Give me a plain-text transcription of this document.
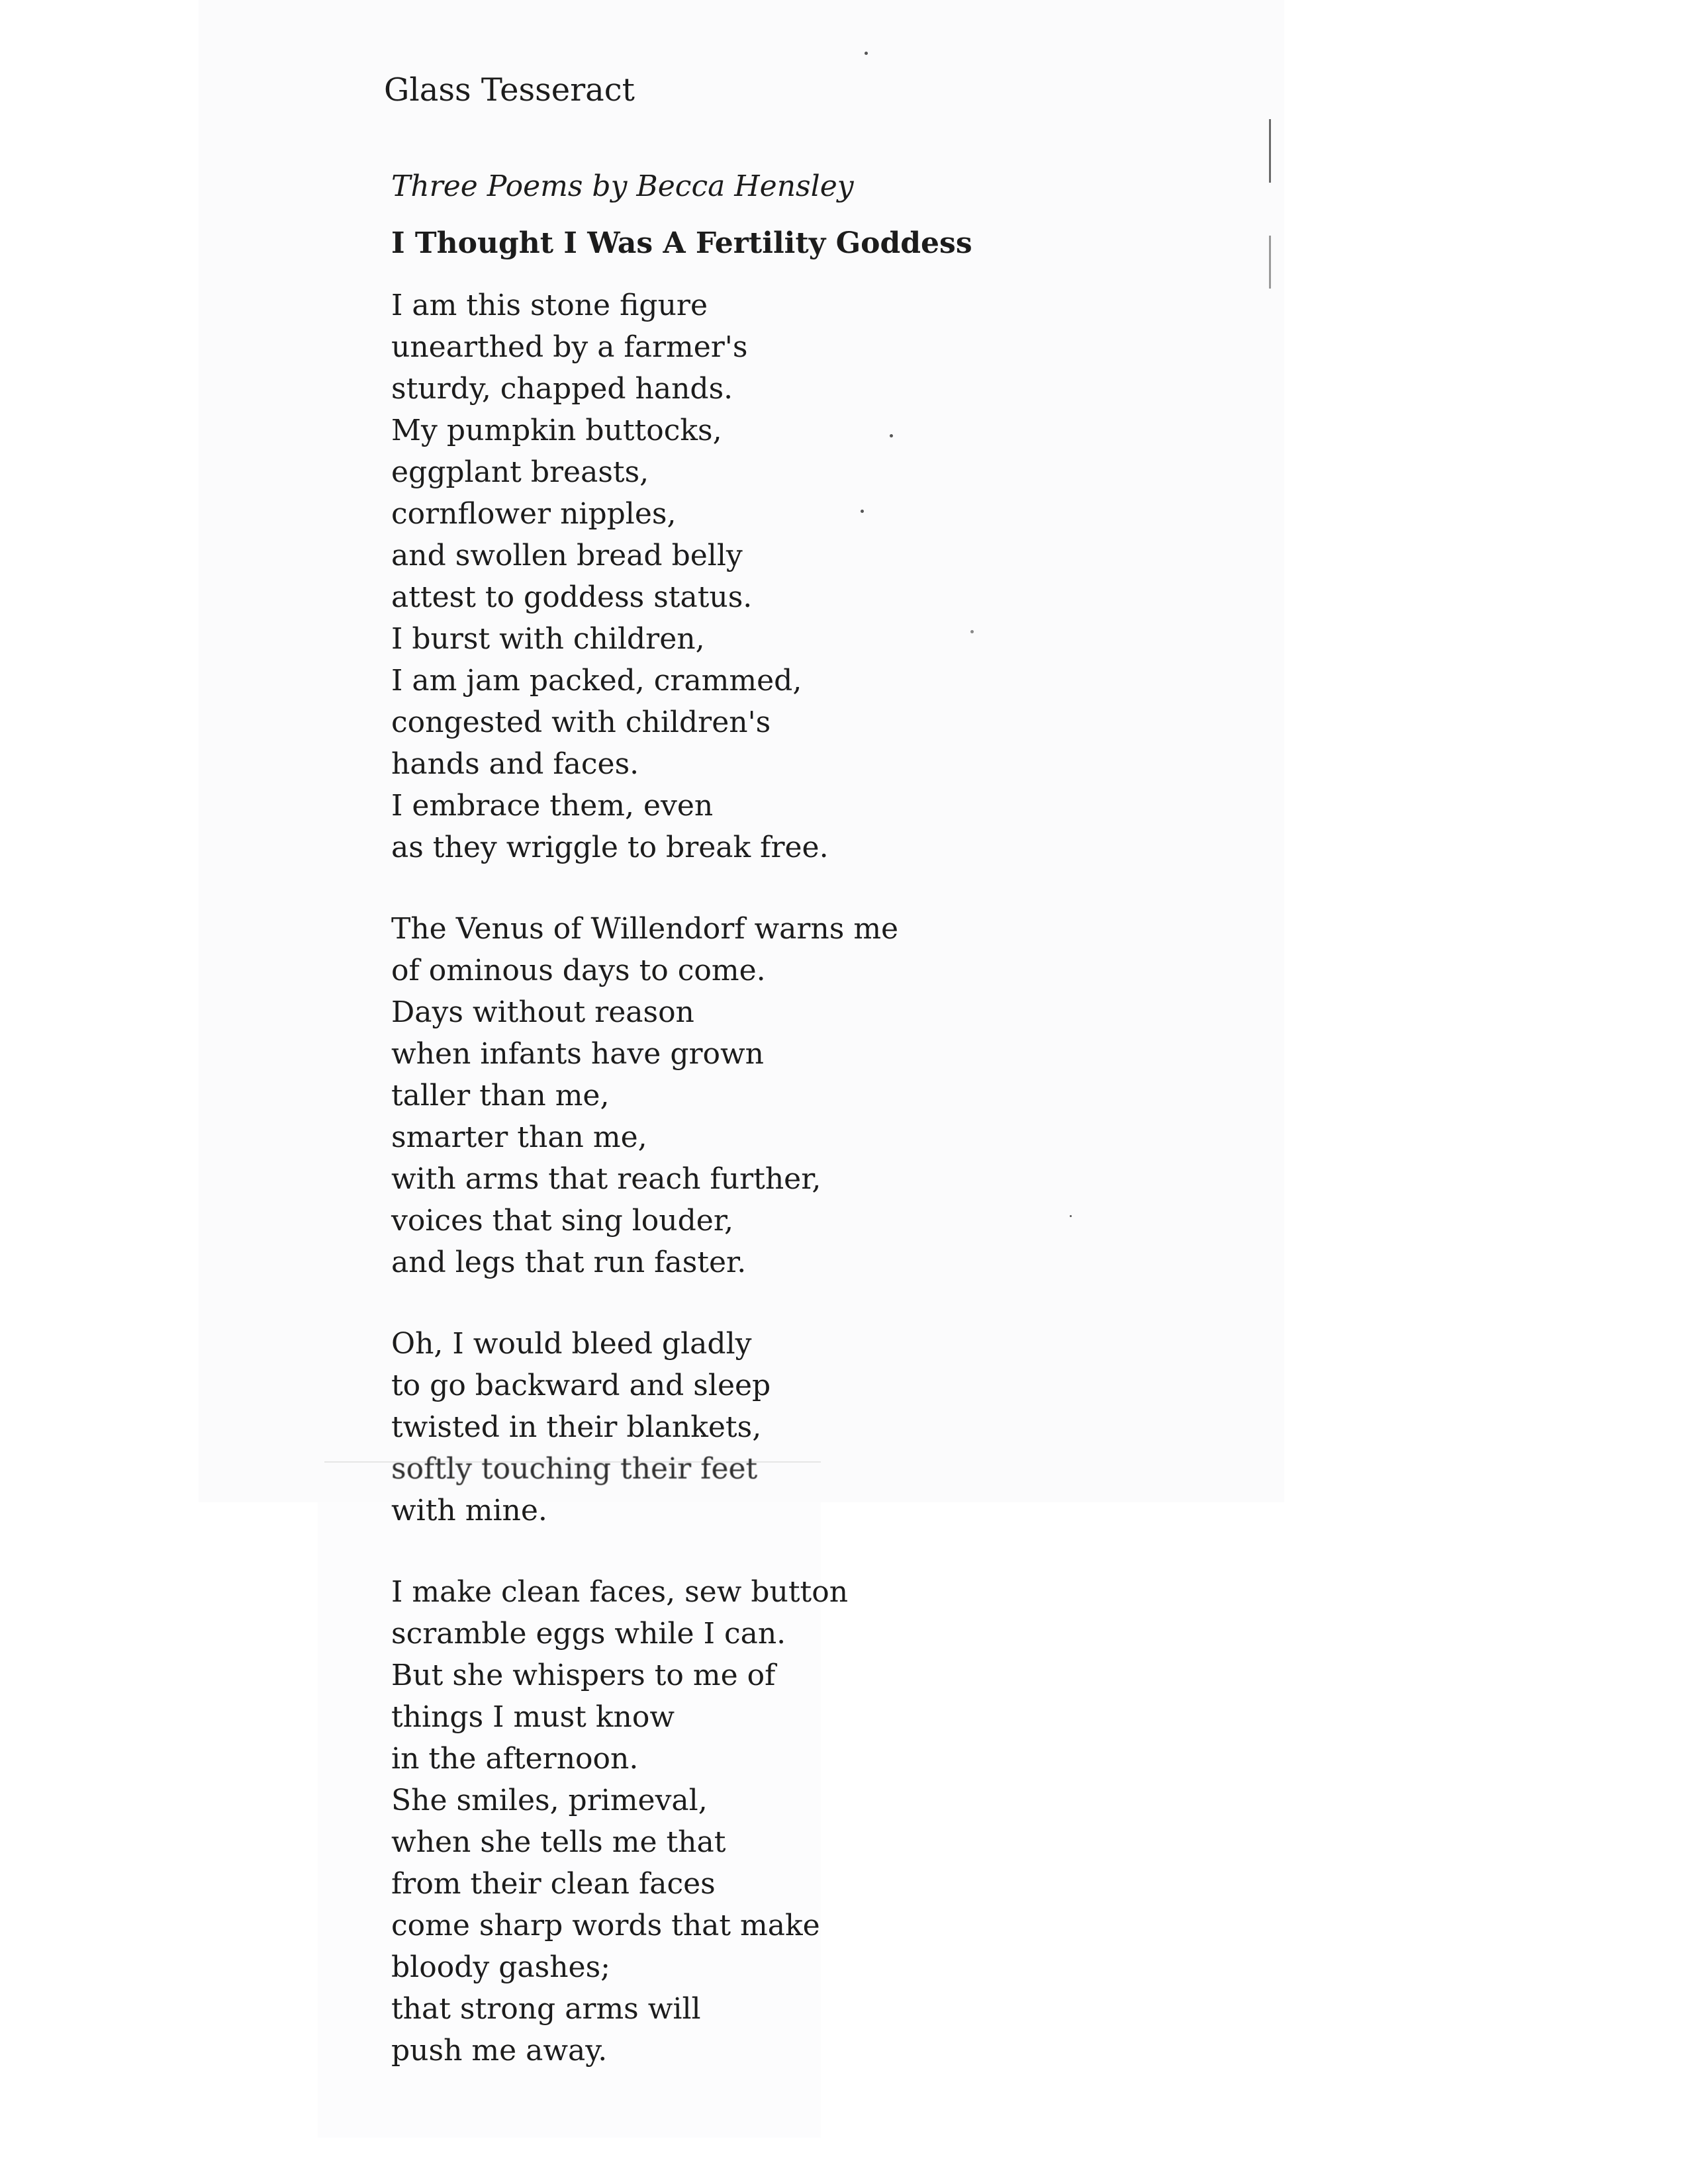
Glass Tesseract

Three Poems by Becca Hensley

I Thought I Was A Fertility Goddess
I am this stone figure
unearthed by a farmer's
sturdy, chapped hands.
My pumpkin buttocks,
eggplant breasts,
cornflower nipples,
and swollen bread belly
attest to goddess status.
I burst with children,
I am jam packed, crammed,
congested with children's
hands and faces.
I embrace them, even
as they wriggle to break free.
The Venus of Willendorf warns me
of ominous days to come.
Days without reason
when infants have grown
taller than me,
smarter than me,
with arms that reach further,
voices that sing louder,
and legs that run faster.
Oh, I would bleed gladly
to go backward and sleep
twisted in their blankets,
softly touching their feet
with mine.
I make clean faces, sew button
scramble eggs while I can.
But she whispers to me of
things I must know
in the afternoon.
She smiles, primeval,
when she tells me that
from their clean faces
come sharp words that make
bloody gashes;
that strong arms will
push me away.
